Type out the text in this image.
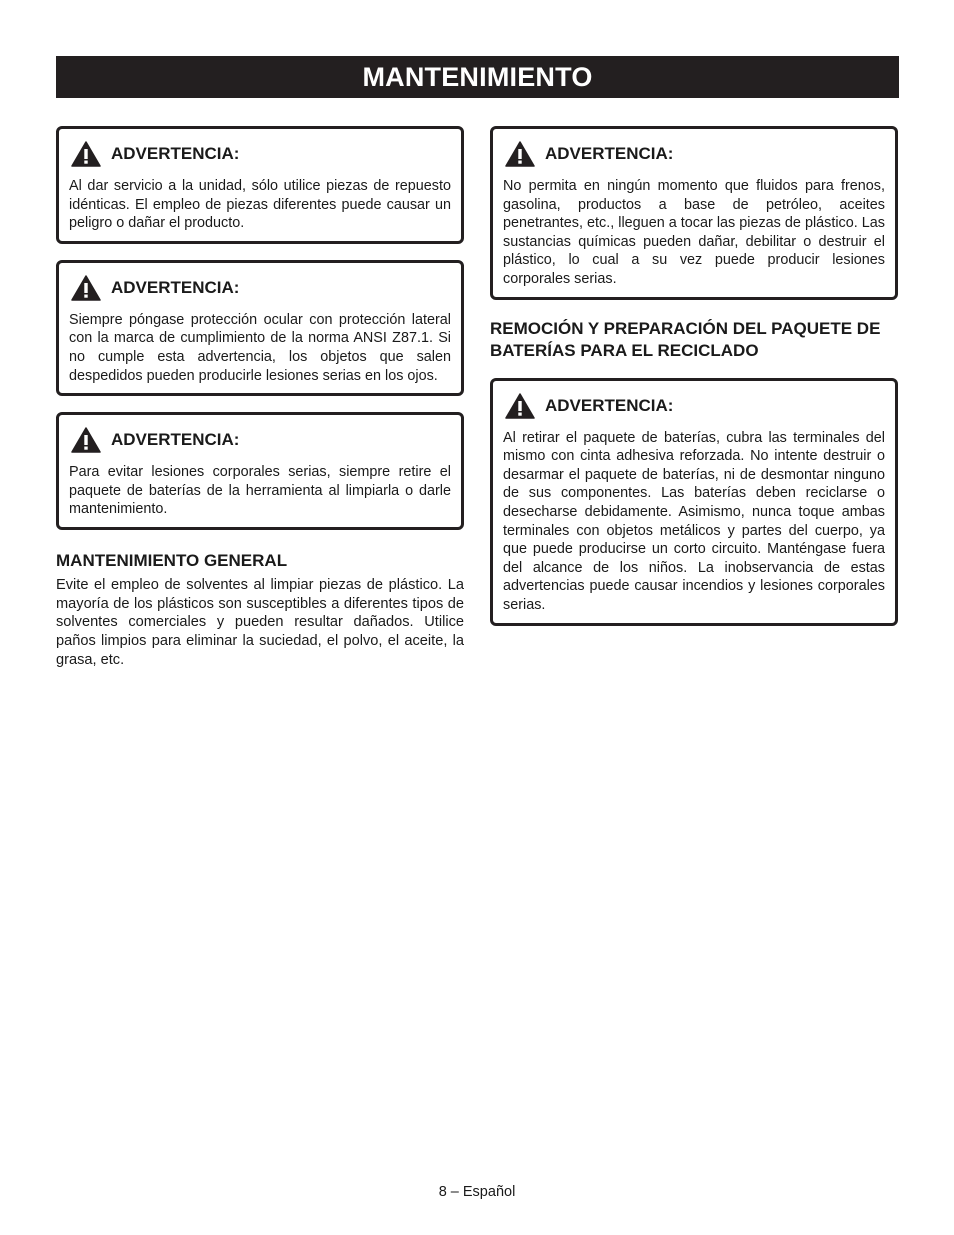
MANTENIMIENTO
ADVERTENCIA:
Al dar servicio a la unidad, sólo utilice piezas de repuesto idénticas. El empleo de piezas diferentes puede causar un peligro o dañar el producto.
ADVERTENCIA:
Siempre póngase protección ocular con protección lateral con la marca de cumplimiento de la norma ANSI Z87.1. Si no cumple esta advertencia, los objetos que salen despedidos pueden producirle lesiones serias en los ojos.
ADVERTENCIA:
Para evitar lesiones corporales serias, siempre retire el paquete de baterías de la herramienta al limpiarla o darle mantenimiento.
MANTENIMIENTO GENERAL
Evite el empleo de solventes al limpiar piezas de plástico. La mayoría de los plásticos son susceptibles a diferentes tipos de solventes comerciales y pueden resultar dañados. Utilice paños limpios para eliminar la suciedad, el polvo, el aceite, la grasa, etc.
ADVERTENCIA:
No permita en ningún momento que fluidos para frenos, gasolina, productos a base de petróleo, aceites penetrantes, etc., lleguen a tocar las piezas de plástico. Las sustancias químicas pueden dañar, debilitar o destruir el plástico, lo cual a su vez puede producir lesiones corporales serias.
REMOCIÓN Y PREPARACIÓN DEL PAQUETE DE BATERÍAS PARA EL RECICLADO
ADVERTENCIA:
Al retirar el paquete de baterías, cubra las terminales del mismo con cinta adhesiva reforzada. No intente destruir o desarmar el paquete de baterías, ni de desmontar ninguno de sus componentes. Las baterías deben reciclarse o desecharse debidamente. Asimismo, nunca toque ambas terminales con objetos metálicos y partes del cuerpo, ya que puede producirse un corto circuito. Manténgase fuera del alcance de los niños. La inobservancia de estas advertencias puede causar incendios y lesiones corporales serias.
8 – Español
